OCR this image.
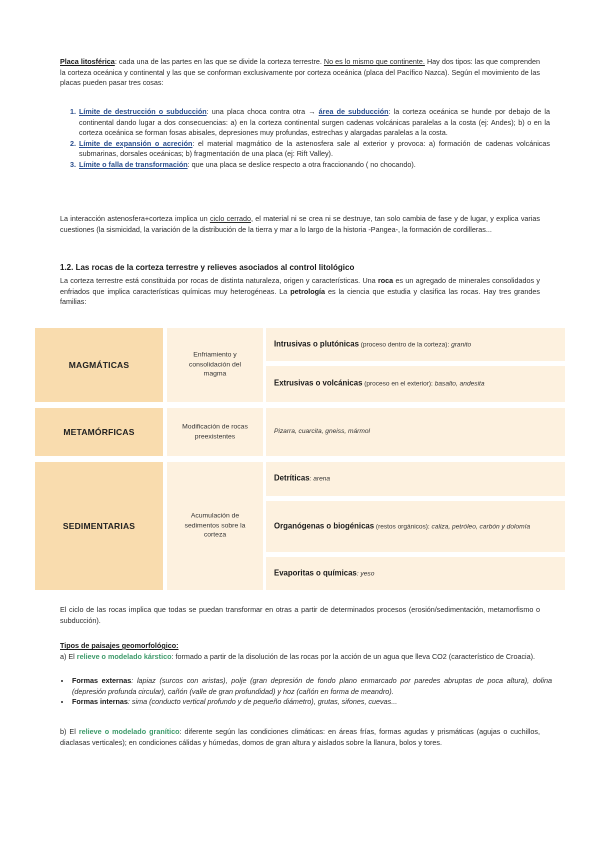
Placa litosférica: cada una de las partes en las que se divide la corteza terrestre. No es lo mismo que continente. Hay dos tipos: las que comprenden la corteza oceánica y continental y las que se conforman exclusivamente por corteza oceánica (placa del Pacífico Nazca). Según el movimiento de las placas pueden pasar tres cosas:

1. Límite de destrucción o subducción: una placa choca contra otra → área de subducción: la corteza oceánica se hunde por debajo de la continental dando lugar a dos consecuencias: a) en la corteza continental surgen cadenas volcánicas paralelas a la costa (ej: Andes); b) o en la corteza oceánica se forman fosas abisales, depresiones muy profundas, estrechas y alargadas paralelas a la costa.
2. Límite de expansión o acreción: el material magmático de la astenosfera sale al exterior y provoca: a) formación de cadenas volcánicas submarinas, dorsales oceánicas; b) fragmentación de una placa (ej: Rift Valley).
3. Límite o falla de transformación: que una placa se deslice respecto a otra fraccionando ( no chocando).

La interacción astenosfera+corteza implica un ciclo cerrado, el material ni se crea ni se destruye, tan solo cambia de fase y de lugar, y explica varias cuestiones (la sismicidad, la variación de la distribución de la tierra y mar a lo largo de la historia -Pangea-, la formación de cordilleras...

1.2. Las rocas de la corteza terrestre y relieves asociados al control litológico

La corteza terrestre está constituida por rocas de distinta naturaleza, origen y características. Una roca es un agregado de minerales consolidados y enfriados que implica características químicas muy heterogéneas. La petrología es la ciencia que estudia y clasifica las rocas. Hay tres grandes familias:

MAGMÁTICAS
Enfriamiento y consolidación del magma
Intrusivas o plutónicas (proceso dentro de la corteza): granito
Extrusivas o volcánicas (proceso en el exterior): basalto, andesita
METAMÓRFICAS
Modificación de rocas preexistentes
Pizarra, cuarcita, gneiss, mármol
SEDIMENTARIAS
Acumulación de sedimentos sobre la corteza
Detríticas: arena
Organógenas o biogénicas (restos orgánicos): caliza, petróleo, carbón y dolomía
Evaporitas o químicas: yeso

El ciclo de las rocas implica que todas se puedan transformar en otras a partir de determinados procesos (erosión/sedimentación, metamorfismo o subducción).

Tipos de paisajes geomorfológico:

a) El relieve o modelado kárstico: formado a partir de la disolución de las rocas por la acción de un agua que lleva CO2 (característico de Croacia).

• Formas externas: lapiaz (surcos con aristas), polje (gran depresión de fondo plano enmarcado por paredes abruptas de poca altura), dolina (depresión profunda circular), cañón (valle de gran profundidad) y hoz (cañón en forma de meandro).
• Formas internas: sima (conducto vertical profundo y de pequeño diámetro), grutas, sifones, cuevas...

b) El relieve o modelado granítico: diferente según las condiciones climáticas: en áreas frías, formas agudas y prismáticas (agujas o cuchillos, diaclasas verticales); en condiciones cálidas y húmedas, domos de gran altura y aislados sobre la llanura, bolos y tores.
